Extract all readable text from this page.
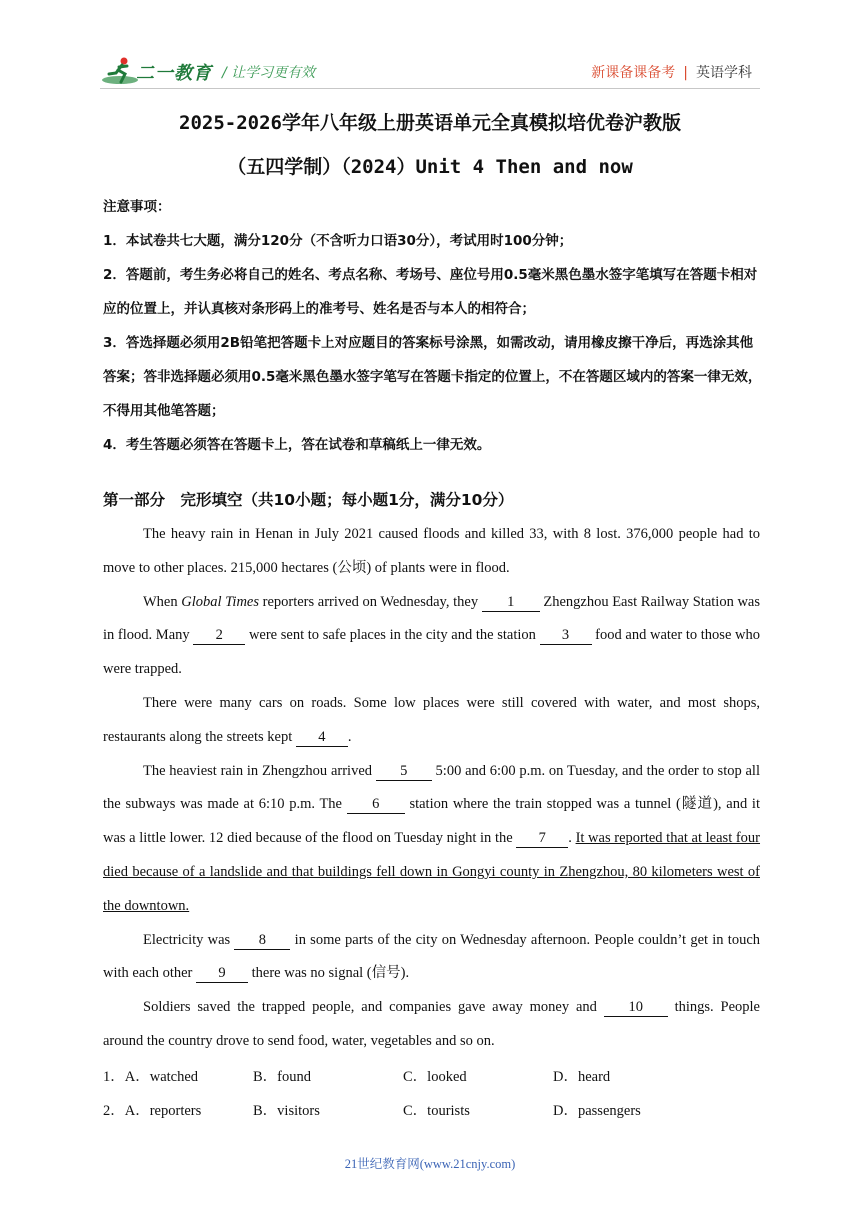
二一教育 / 让学习更有效	新课备课备考 | 英语学科
2025-2026学年八年级上册英语单元全真模拟培优卷沪教版
（五四学制）（2024）Unit 4 Then and now

注意事项：

1．本试卷共七大题，满分120分（不含听力口语30分），考试用时100分钟；

2．答题前，考生务必将自己的姓名、考点名称、考场号、座位号用0.5毫米黑色墨水签字笔填写在答题卡相对应的位置上，并认真核对条形码上的准考号、姓名是否与本人的相符合；

3．答选择题必须用2B铅笔把答题卡上对应题目的答案标号涂黑，如需改动，请用橡皮擦干净后，再选涂其他答案；答非选择题必须用0.5毫米黑色墨水签字笔写在答题卡指定的位置上，不在答题区域内的答案一律无效，不得用其他笔答题；

4．考生答题必须答在答题卡上，答在试卷和草稿纸上一律无效。

第一部分　完形填空（共10小题；每小题1分，满分10分）

The heavy rain in Henan in July 2021 caused floods and killed 33, with 8 lost. 376,000 people had to move to other places. 215,000 hectares (公顷) of plants were in flood.

When Global Times reporters arrived on Wednesday, they 1 Zhengzhou East Railway Station was in flood. Many 2 were sent to safe places in the city and the station 3 food and water to those who were trapped.

There were many cars on roads. Some low places were still covered with water, and most shops, restaurants along the streets kept 4 .

The heaviest rain in Zhengzhou arrived 5 5:00 and 6:00 p.m. on Tuesday, and the order to stop all the subways was made at 6:10 p.m. The 6 station where the train stopped was a tunnel (隧道), and it was a little lower. 12 died because of the flood on Tuesday night in the 7 . It was reported that at least four died because of a landslide and that buildings fell down in Gongyi county in Zhengzhou, 80 kilometers west of the downtown.

Electricity was 8 in some parts of the city on Wednesday afternoon. People couldn’t get in touch with each other 9 there was no signal (信号).

Soldiers saved the trapped people, and companies gave away money and 10 things. People around the country drove to send food, water, vegetables and so on.

1．A．watched	B．found	C．looked	D．heard
2．A．reporters	B．visitors	C．tourists	D．passengers
21世纪教育网(www.21cnjy.com)
